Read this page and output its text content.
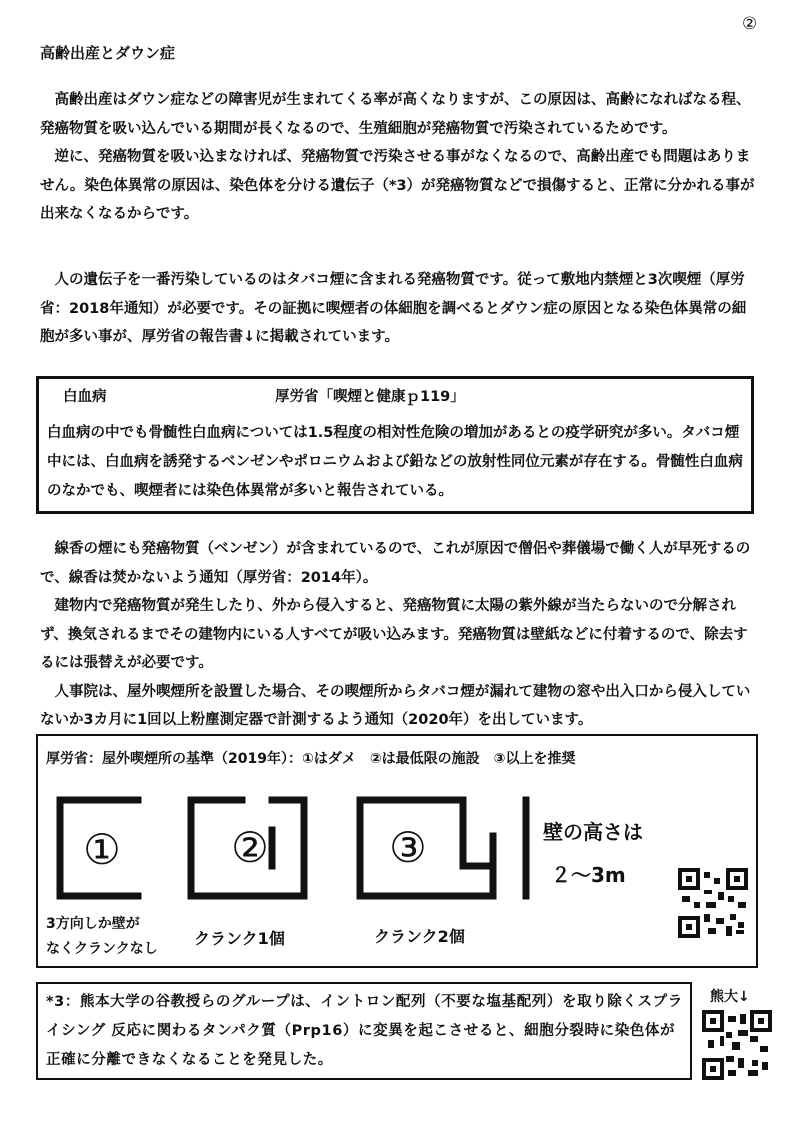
②
高齢出産とダウン症

高齢出産はダウン症などの障害児が生まれてくる率が高くなりますが、この原因は、高齢になればなる程、発癌物質を吸い込んでいる期間が長くなるので、生殖細胞が発癌物質で汚染されているためです。

逆に、発癌物質を吸い込まなければ、発癌物質で汚染させる事がなくなるので、高齢出産でも問題はありません。染色体異常の原因は、染色体を分ける遺伝子（*3）が発癌物質などで損傷すると、正常に分かれる事が出来なくなるからです。

人の遺伝子を一番汚染しているのはタバコ煙に含まれる発癌物質です。従って敷地内禁煙と3次喫煙（厚労省：2018年通知）が必要です。その証拠に喫煙者の体細胞を調べるとダウン症の原因となる染色体異常の細胞が多い事が、厚労省の報告書↓に掲載されています。

白血病	厚労省「喫煙と健康ｐ119」
白血病の中でも骨髄性白血病については1.5程度の相対性危険の増加があるとの疫学研究が多い。タバコ煙中には、白血病を誘発するベンゼンやポロニウムおよび鉛などの放射性同位元素が存在する。骨髄性白血病のなかでも、喫煙者には染色体異常が多いと報告されている。

線香の煙にも発癌物質（ベンゼン）が含まれているので、これが原因で僧侶や葬儀場で働く人が早死するので、線香は焚かないよう通知（厚労省：2014年）。

建物内で発癌物質が発生したり、外から侵入すると、発癌物質に太陽の紫外線が当たらないので分解されず、換気されるまでその建物内にいる人すべてが吸い込みます。発癌物質は壁紙などに付着するので、除去するには張替えが必要です。

人事院は、屋外喫煙所を設置した場合、その喫煙所からタバコ煙が漏れて建物の窓や出入口から侵入していないか3カ月に1回以上粉塵測定器で計測するよう通知（2020年）を出しています。

厚労省：屋外喫煙所の基準（2019年）：①はダメ　②は最低限の施設　③以上を推奨
①	②	③	壁の高さは
２～3m
3方向しか壁が
なくクランクなし
クランク1個	クランク2個
*3：熊本大学の谷教授らのグループは、イントロン配列（不要な塩基配列）を取り除くスプライシング 反応に関わるタンパク質（Prp16）に変異を起こさせると、細胞分裂時に染色体が正確に分離できなくなることを発見した。
熊大↓
